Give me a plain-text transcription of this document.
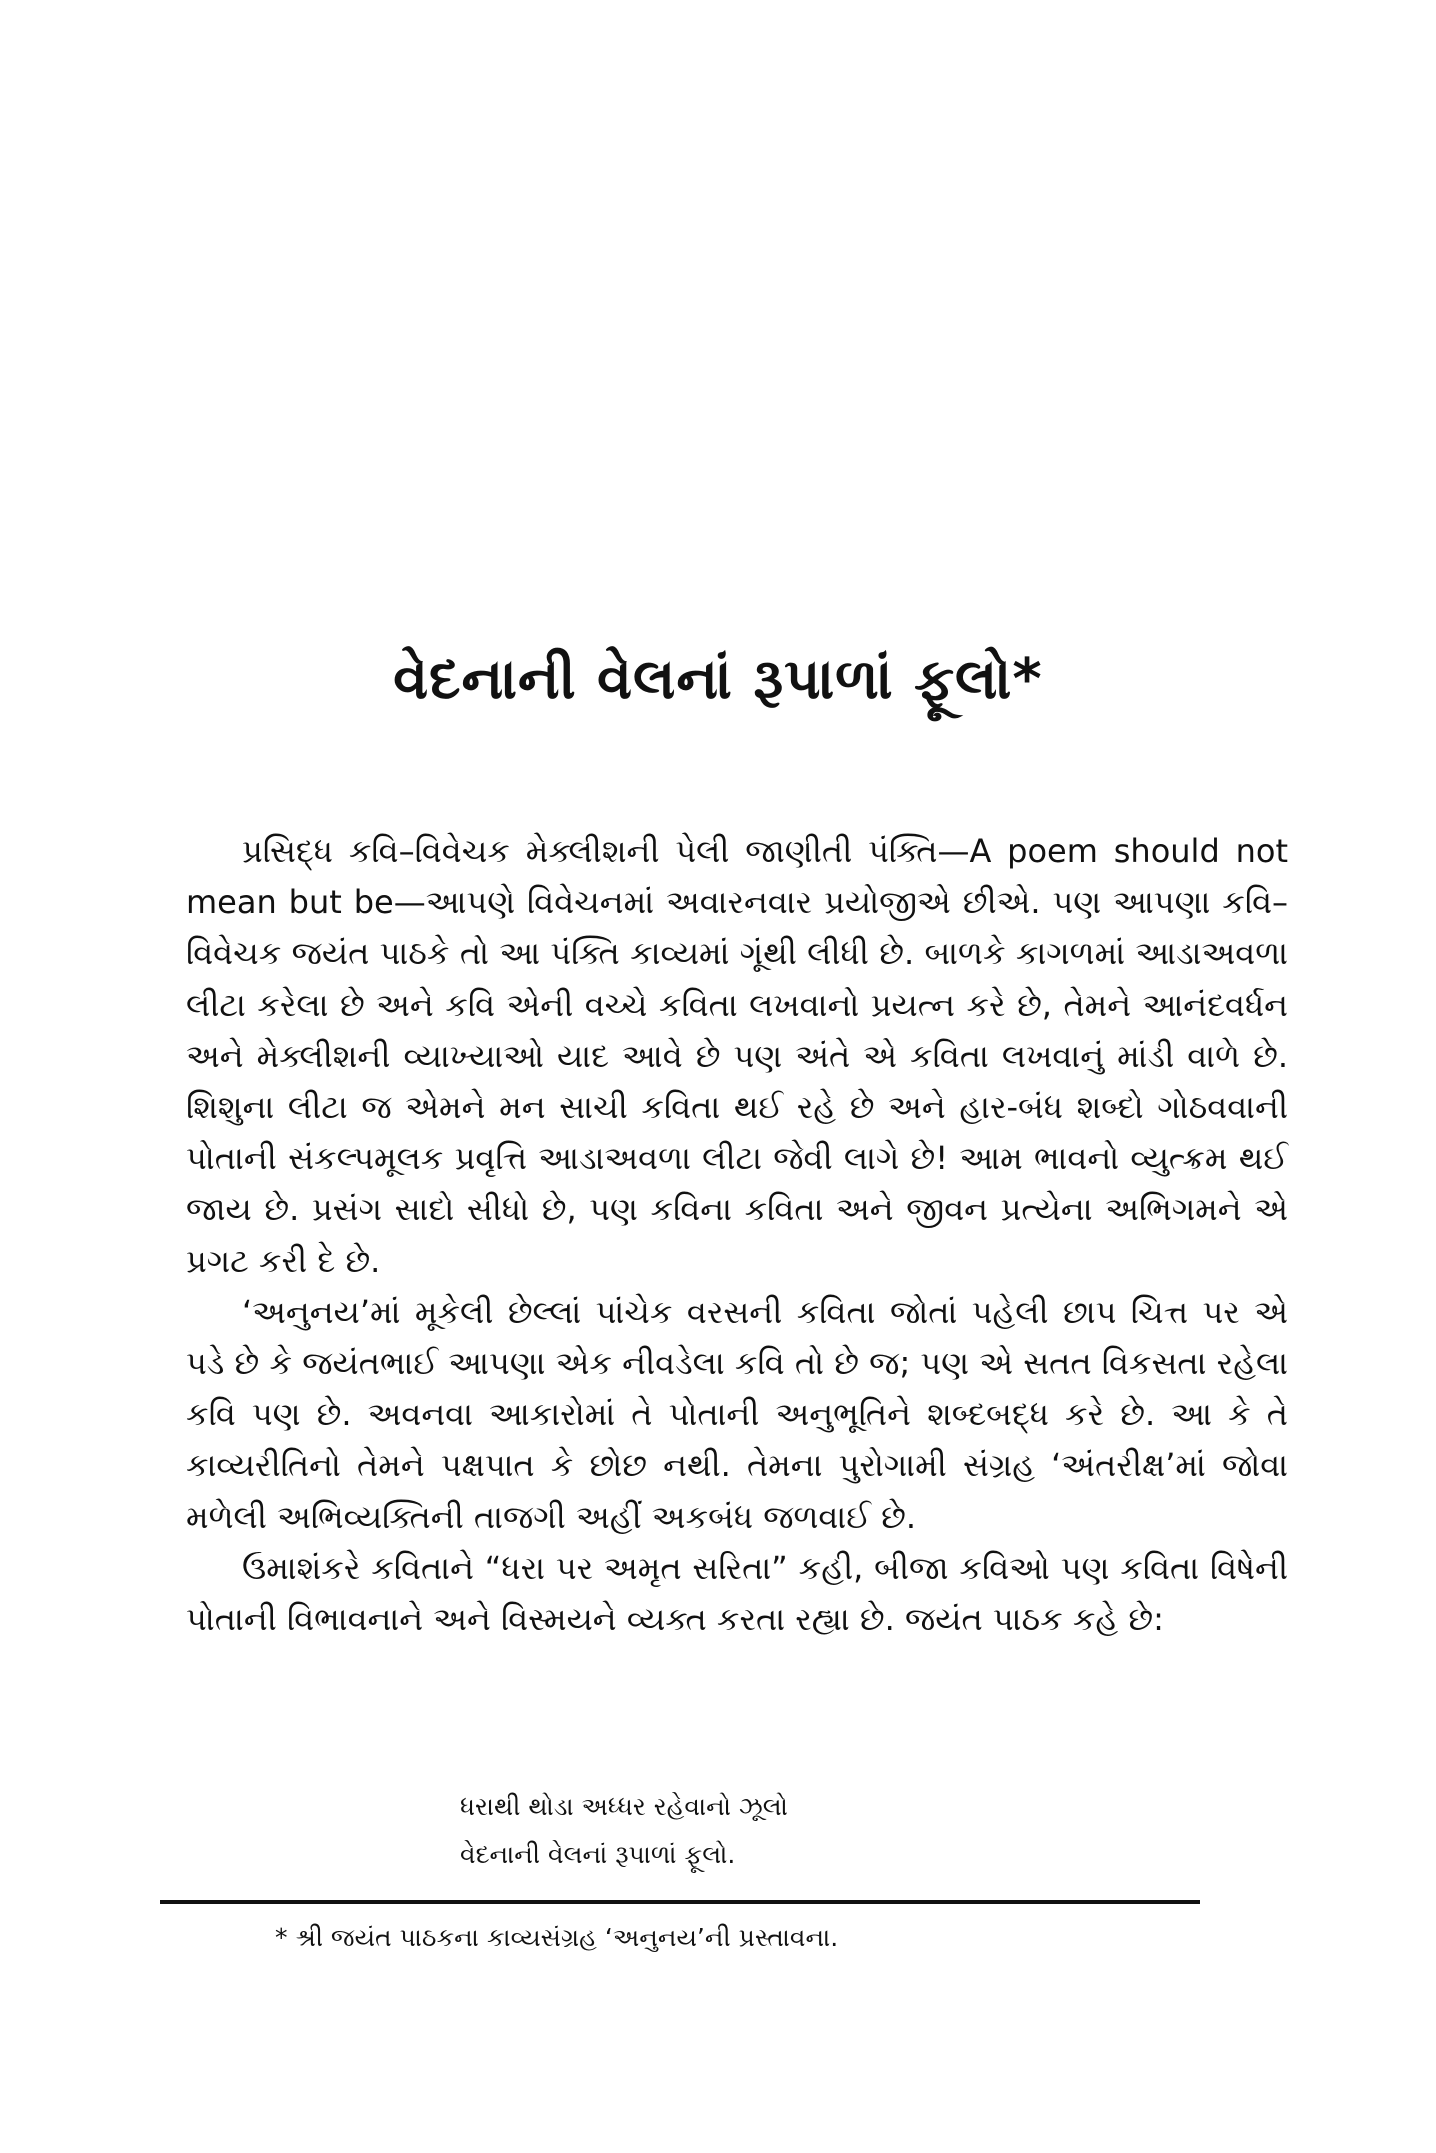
વેદનાની વેલનાં રૂપાળાં ફૂલો*

પ્રસિદ્ધ કવિ–વિવેચક મેક્લીશની પેલી જાણીતી પંક્તિ—A poem should not mean but be—આપણે વિવેચનમાં અવારનવાર પ્રયોજીએ છીએ. પણ આપણા કવિ–વિવેચક જયંત પાઠકે તો આ પંક્તિ કાવ્યમાં ગૂંથી લીધી છે. બાળકે કાગળમાં આડાઅવળા લીટા કરેલા છે અને કવિ એની વચ્ચે કવિતા લખવાનો પ્રયત્ન કરે છે, તેમને આનંદવર્ધન અને મેક્લીશની વ્યાખ્યાઓ યાદ આવે છે પણ અંતે એ કવિતા લખવાનું માંડી વાળે છે. શિશુના લીટા જ એમને મન સાચી કવિતા થઈ રહે છે અને હાર-બંધ શબ્દો ગોઠવવાની પોતાની સંકલ્પમૂલક પ્રવૃત્તિ આડાઅવળા લીટા જેવી લાગે છે! આમ ભાવનો વ્યુત્ક્રમ થઈ જાય છે. પ્રસંગ સાદો સીધો છે, પણ કવિના કવિતા અને જીવન પ્રત્યેના અભિગમને એ પ્રગટ કરી દે છે.

‘અનુનય’માં મૂકેલી છેલ્લાં પાંચેક વરસની કવિતા જોતાં પહેલી છાપ ચિત્ત પર એ પડે છે કે જયંતભાઈ આપણા એક નીવડેલા કવિ તો છે જ; પણ એ સતત વિકસતા રહેલા કવિ પણ છે. અવનવા આકારોમાં તે પોતાની અનુભૂતિને શબ્દબદ્ધ કરે છે. આ કે તે કાવ્યરીતિનો તેમને પક્ષપાત કે છોછ નથી. તેમના પુરોગામી સંગ્રહ ‘અંતરીક્ષ’માં જોવા મળેલી અભિવ્યક્તિની તાજગી અહીં અકબંધ જળવાઈ છે.

ઉમાશંકરે કવિતાને “ધરા પર અમૃત સરિતા” કહી, બીજા કવિઓ પણ કવિતા વિષેની પોતાની વિભાવનાને અને વિસ્મયને વ્યક્ત કરતા રહ્યા છે. જયંત પાઠક કહે છે:

ધરાથી થોડા અધ્ધર રહેવાનો ઝૂલો
વેદનાની વેલનાં રૂપાળાં ફૂલો.
* શ્રી જયંત પાઠકના કાવ્યસંગ્રહ ‘અનુનય’ની પ્રસ્તાવના.
